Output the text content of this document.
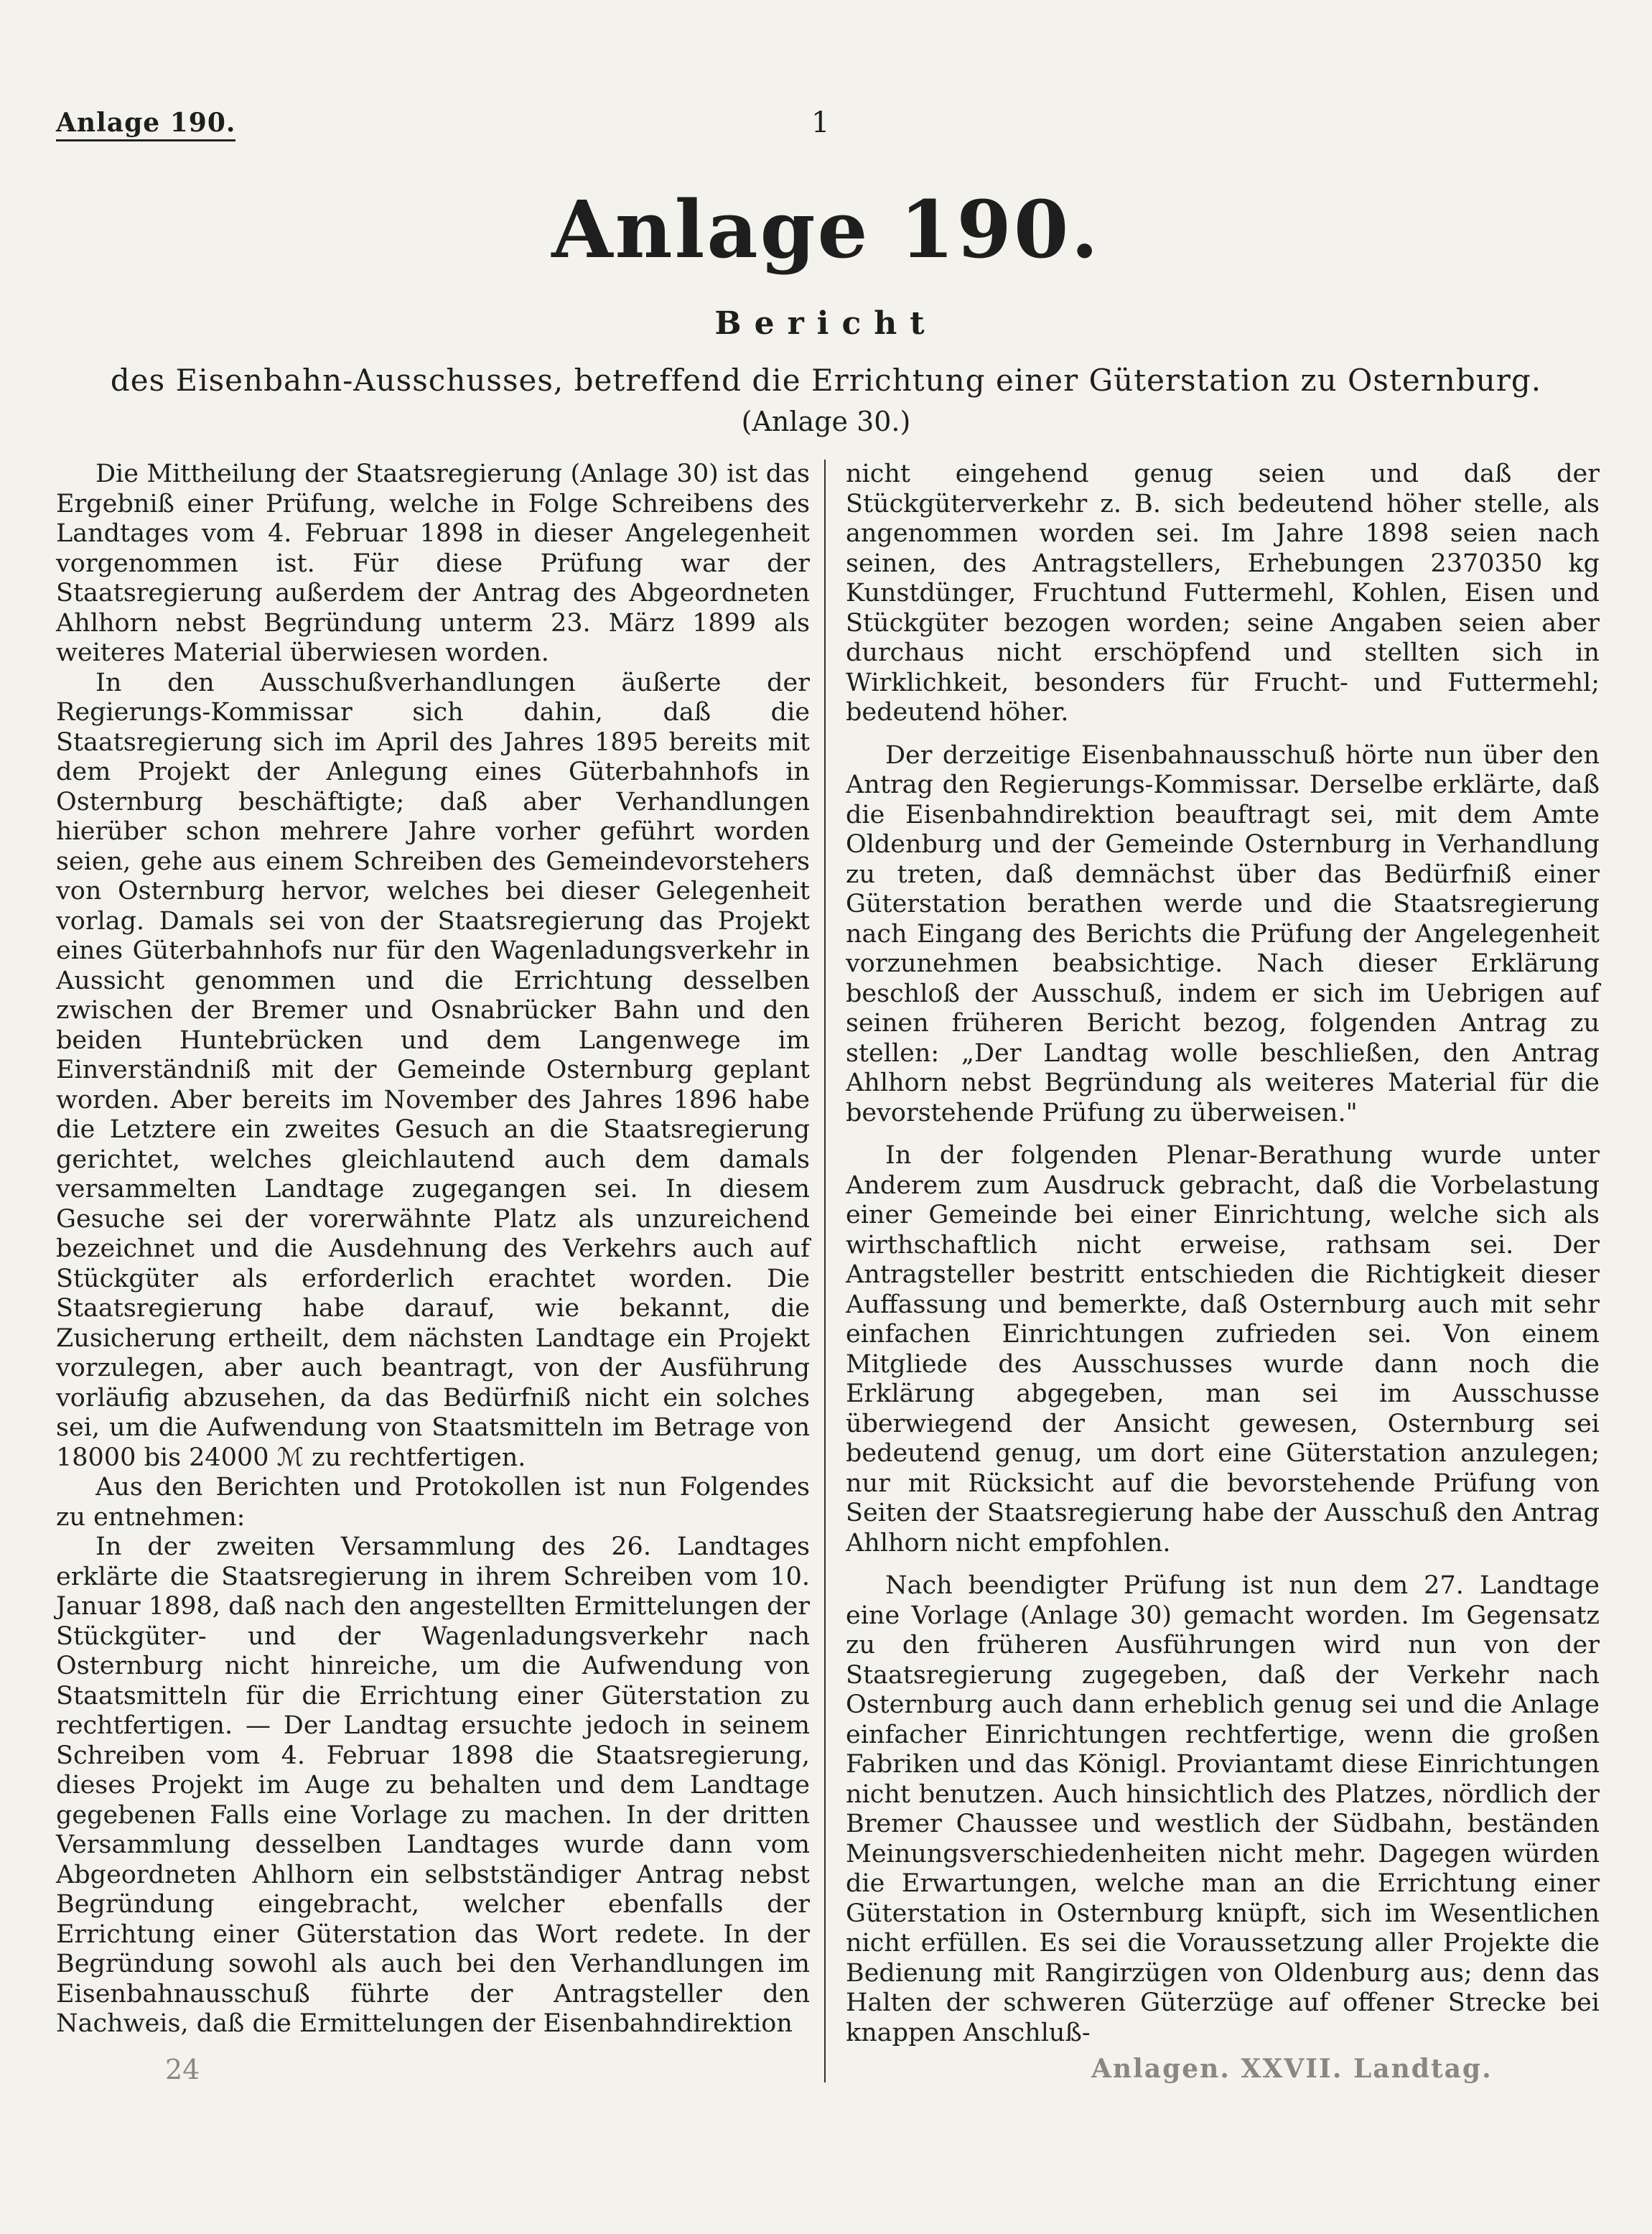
Anlage 190.	1
Anlage 190.
Bericht
des Eisenbahn-Ausschusses, betreffend die Errichtung einer Güterstation zu Osternburg.
(Anlage 30.)

Die Mittheilung der Staatsregierung (Anlage 30) ist das Ergebniß einer Prüfung, welche in Folge Schreibens des Landtages vom 4. Februar 1898 in dieser Angelegenheit vorgenommen ist. Für diese Prüfung war der Staatsregierung außerdem der Antrag des Abgeordneten Ahlhorn nebst Begründung unterm 23. März 1899 als weiteres Material überwiesen worden.

In den Ausschußverhandlungen äußerte der Regierungs-Kommissar sich dahin, daß die Staatsregierung sich im April des Jahres 1895 bereits mit dem Projekt der Anlegung eines Güterbahnhofs in Osternburg beschäftigte; daß aber Verhandlungen hierüber schon mehrere Jahre vorher geführt worden seien, gehe aus einem Schreiben des Gemeindevorstehers von Osternburg hervor, welches bei dieser Gelegenheit vorlag. Damals sei von der Staatsregierung das Projekt eines Güterbahnhofs nur für den Wagenladungsverkehr in Aussicht genommen und die Errichtung desselben zwischen der Bremer und Osnabrücker Bahn und den beiden Huntebrücken und dem Langenwege im Einverständniß mit der Gemeinde Osternburg geplant worden. Aber bereits im November des Jahres 1896 habe die Letztere ein zweites Gesuch an die Staatsregierung gerichtet, welches gleichlautend auch dem damals versammelten Landtage zugegangen sei. In diesem Gesuche sei der vorerwähnte Platz als unzureichend bezeichnet und die Ausdehnung des Verkehrs auch auf Stückgüter als erforderlich erachtet worden. Die Staatsregierung habe darauf, wie bekannt, die Zusicherung ertheilt, dem nächsten Landtage ein Projekt vorzulegen, aber auch beantragt, von der Ausführung vorläufig abzusehen, da das Bedürfniß nicht ein solches sei, um die Aufwendung von Staatsmitteln im Betrage von 18000 bis 24000 ℳ zu rechtfertigen.

Aus den Berichten und Protokollen ist nun Folgendes zu entnehmen:

In der zweiten Versammlung des 26. Landtages erklärte die Staatsregierung in ihrem Schreiben vom 10. Januar 1898, daß nach den angestellten Ermittelungen der Stückgüter- und der Wagenladungsverkehr nach Osternburg nicht hinreiche, um die Aufwendung von Staatsmitteln für die Errichtung einer Güterstation zu rechtfertigen. — Der Landtag ersuchte jedoch in seinem Schreiben vom 4. Februar 1898 die Staatsregierung, dieses Projekt im Auge zu behalten und dem Landtage gegebenen Falls eine Vorlage zu machen. In der dritten Versammlung desselben Landtages wurde dann vom Abgeordneten Ahlhorn ein selbstständiger Antrag nebst Begründung eingebracht, welcher ebenfalls der Errichtung einer Güterstation das Wort redete. In der Begründung sowohl als auch bei den Verhandlungen im Eisenbahnausschuß führte der Antragsteller den Nachweis, daß die Ermittelungen der Eisenbahndirektion

nicht eingehend genug seien und daß der Stückgüterverkehr z. B. sich bedeutend höher stelle, als angenommen worden sei. Im Jahre 1898 seien nach seinen, des Antragstellers, Erhebungen 2370350 kg Kunstdünger, Fruchtund Futtermehl, Kohlen, Eisen und Stückgüter bezogen worden; seine Angaben seien aber durchaus nicht erschöpfend und stellten sich in Wirklichkeit, besonders für Frucht- und Futtermehl; bedeutend höher.

Der derzeitige Eisenbahnausschuß hörte nun über den Antrag den Regierungs-Kommissar. Derselbe erklärte, daß die Eisenbahndirektion beauftragt sei, mit dem Amte Oldenburg und der Gemeinde Osternburg in Verhandlung zu treten, daß demnächst über das Bedürfniß einer Güterstation berathen werde und die Staatsregierung nach Eingang des Berichts die Prüfung der Angelegenheit vorzunehmen beabsichtige. Nach dieser Erklärung beschloß der Ausschuß, indem er sich im Uebrigen auf seinen früheren Bericht bezog, folgenden Antrag zu stellen: „Der Landtag wolle beschließen, den Antrag Ahlhorn nebst Begründung als weiteres Material für die bevorstehende Prüfung zu überweisen."

In der folgenden Plenar-Berathung wurde unter Anderem zum Ausdruck gebracht, daß die Vorbelastung einer Gemeinde bei einer Einrichtung, welche sich als wirthschaftlich nicht erweise, rathsam sei. Der Antragsteller bestritt entschieden die Richtigkeit dieser Auffassung und bemerkte, daß Osternburg auch mit sehr einfachen Einrichtungen zufrieden sei. Von einem Mitgliede des Ausschusses wurde dann noch die Erklärung abgegeben, man sei im Ausschusse überwiegend der Ansicht gewesen, Osternburg sei bedeutend genug, um dort eine Güterstation anzulegen; nur mit Rücksicht auf die bevorstehende Prüfung von Seiten der Staatsregierung habe der Ausschuß den Antrag Ahlhorn nicht empfohlen.

Nach beendigter Prüfung ist nun dem 27. Landtage eine Vorlage (Anlage 30) gemacht worden. Im Gegensatz zu den früheren Ausführungen wird nun von der Staatsregierung zugegeben, daß der Verkehr nach Osternburg auch dann erheblich genug sei und die Anlage einfacher Einrichtungen rechtfertige, wenn die großen Fabriken und das Königl. Proviantamt diese Einrichtungen nicht benutzen. Auch hinsichtlich des Platzes, nördlich der Bremer Chaussee und westlich der Südbahn, beständen Meinungsverschiedenheiten nicht mehr. Dagegen würden die Erwartungen, welche man an die Errichtung einer Güterstation in Osternburg knüpft, sich im Wesentlichen nicht erfüllen. Es sei die Voraussetzung aller Projekte die Bedienung mit Rangirzügen von Oldenburg aus; denn das Halten der schweren Güterzüge auf offener Strecke bei knappen Anschluß-

24	Anlagen. XXVII. Landtag.
